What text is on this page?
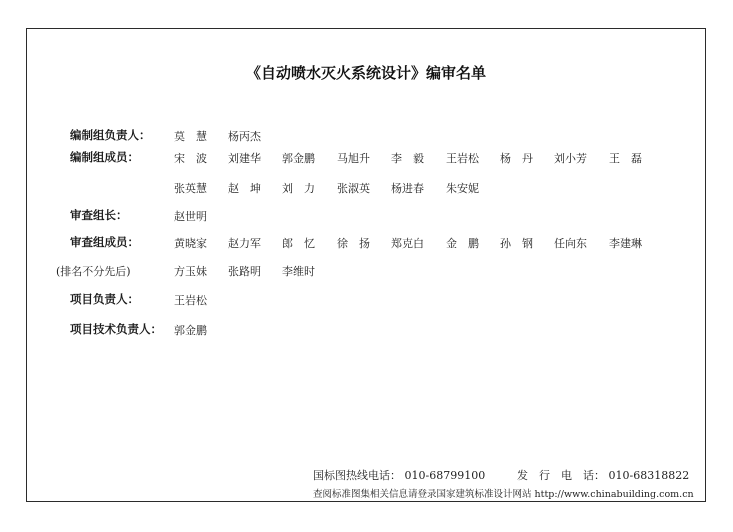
《自动喷水灭火系统设计》编审名单
编制组负责人： 莫　慧 杨丙杰
编制组成员：	宋　波 刘建华 郭金鹏 马旭升 李　毅 王岩松 杨　丹 刘小芳 王　磊
张英慧 赵　坤 刘　力 张淑英 杨进春 朱安妮
审查组长：	赵世明
审查组成员：
(排名不分先后)
黄晓家 赵力军 郎　忆 徐　扬 郑克白 金　鹏 孙　钢 任向东 李建琳
方玉妹 张路明 李维时
项目负责人：	王岩松
项目技术负责人： 郭金鹏
国标图热线电话： 010-68799100	发　行　电　话： 010-68318822
查阅标准图集相关信息请登录国家建筑标准设计网站 http://www.chinabuilding.com.cn
